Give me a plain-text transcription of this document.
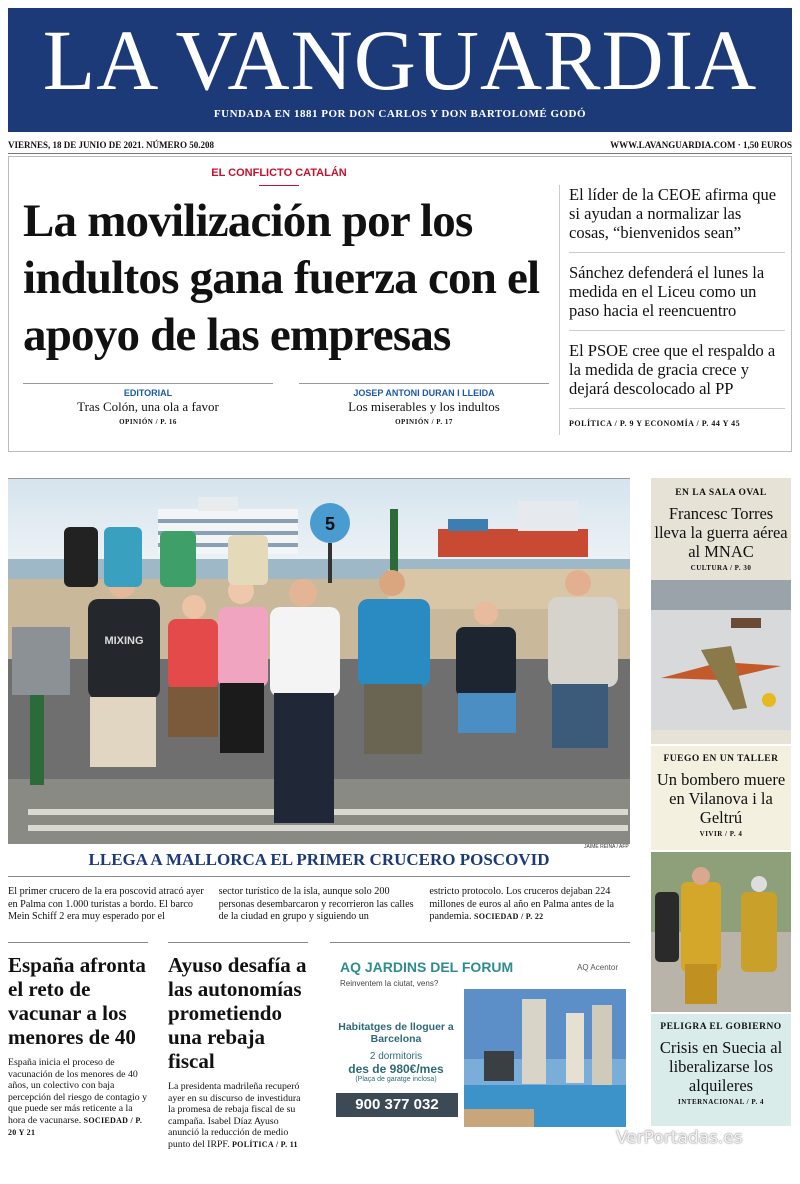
LA VANGUARDIA
FUNDADA EN 1881 POR DON CARLOS Y DON BARTOLOMÉ GODÓ
VIERNES, 18 DE JUNIO DE 2021. NÚMERO 50.208	WWW.LAVANGUARDIA.COM · 1,50 EUROS
EL CONFLICTO CATALÁN
La movilización por los indultos gana fuerza con el apoyo de las empresas
El líder de la CEOE afirma que si ayudan a normalizar las cosas, “bienvenidos sean”
Sánchez defenderá el lunes la medida en el Liceu como un paso hacia el reencuentro
El PSOE cree que el respaldo a la medida de gracia crece y dejará descolocado al PP
POLÍTICA / P. 9 Y ECONOMÍA / P. 44 Y 45
EDITORIAL
Tras Colón, una ola a favor
OPINIÓN / P. 16
JOSEP ANTONI DURAN I LLEIDA
Los miserables y los indultos
OPINIÓN / P. 17
5
MIXING
JAIME REINA / AFP
LLEGA A MALLORCA EL PRIMER CRUCERO POSCOVID

El primer crucero de la era poscovid atracó ayer en Palma con 1.000 turistas a bordo. El barco Mein Schiff 2 era muy esperado por el

sector turístico de la isla, aunque solo 200 personas desembarcaron y recorrieron las calles de la ciudad en grupo y siguiendo un

estricto protocolo. Los cruceros dejaban 224 millones de euros al año en Palma antes de la pandemia. SOCIEDAD / P. 22

España afronta el reto de vacunar a los menores de 40

España inicia el proceso de vacunación de los menores de 40 años, un colectivo con baja percepción del riesgo de contagio y que puede ser más reticente a la hora de vacunarse. SOCIEDAD / P. 20 Y 21

Ayuso desafía a las autonomías prometiendo una rebaja fiscal

La presidenta madrileña recuperó ayer en su discurso de investidura la promesa de rebaja fiscal de su campaña. Isabel Díaz Ayuso anunció la reducción de medio punto del IRPF. POLÍTICA / P. 11

AQ JARDINS DEL FORUM	AQ Acentor
Reinventem la ciutat, vens?
Habitatges de lloguer a Barcelona
2 dormitoris
des de 980€/mes
(Plaça de garatge inclosa)
900 377 032
EN LA SALA OVAL
Francesc Torres lleva la guerra aérea al MNAC
CULTURA / P. 30
FUEGO EN UN TALLER
Un bombero muere en Vilanova i la Geltrú
VIVIR / P. 4
PELIGRA EL GOBIERNO
Crisis en Suecia al liberalizarse los alquileres
INTERNACIONAL / P. 4
VerPortadas.es
